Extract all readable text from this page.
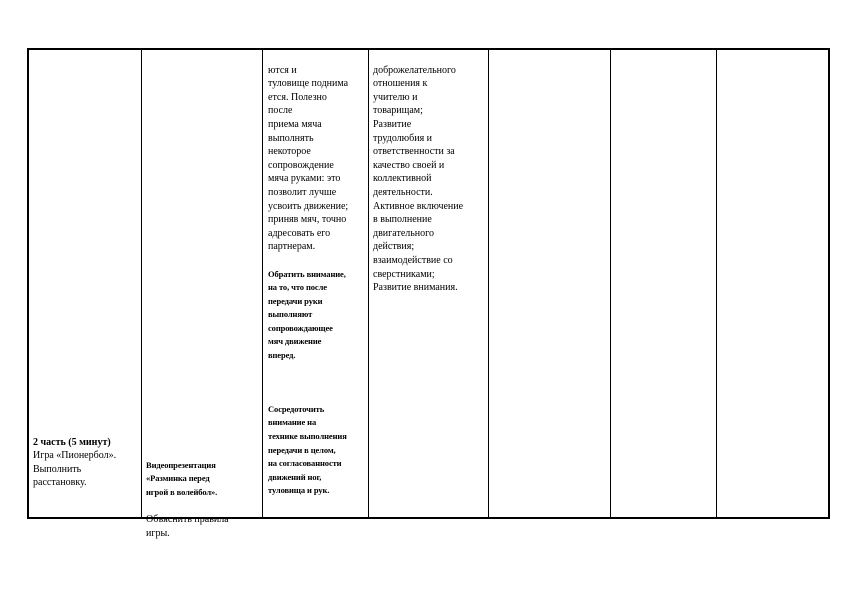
2 часть (5 минут)

Игра «Пионербол».
Выполнить
расстановку.

Видеопрезентация
«Разминка перед
игрой в волейбол».

Объяснить правила
игры.

ются и
туловище поднима
ется. Полезно
после
приема мяча
выполнять
некоторое
сопровождение
мяча руками: это
позволит лучше
усвоить движение;
приняв мяч, точно
адресовать его
партнерам.

Обратить внимание,
на то, что после
передачи руки
выполняют
сопровождающее
мяч движение
вперед.

Сосредоточить
внимание на
технике выполнения
передачи в целом,
на согласованности
движений ног,
туловища и рук.

доброжелательного
отношения к
учителю и
товарищам;
Развитие
трудолюбия и
ответственности за
качество своей и
коллективной
деятельности.
Активное включение
в выполнение
двигательного
действия;
взаимодействие со
сверстниками;
Развитие внимания.
